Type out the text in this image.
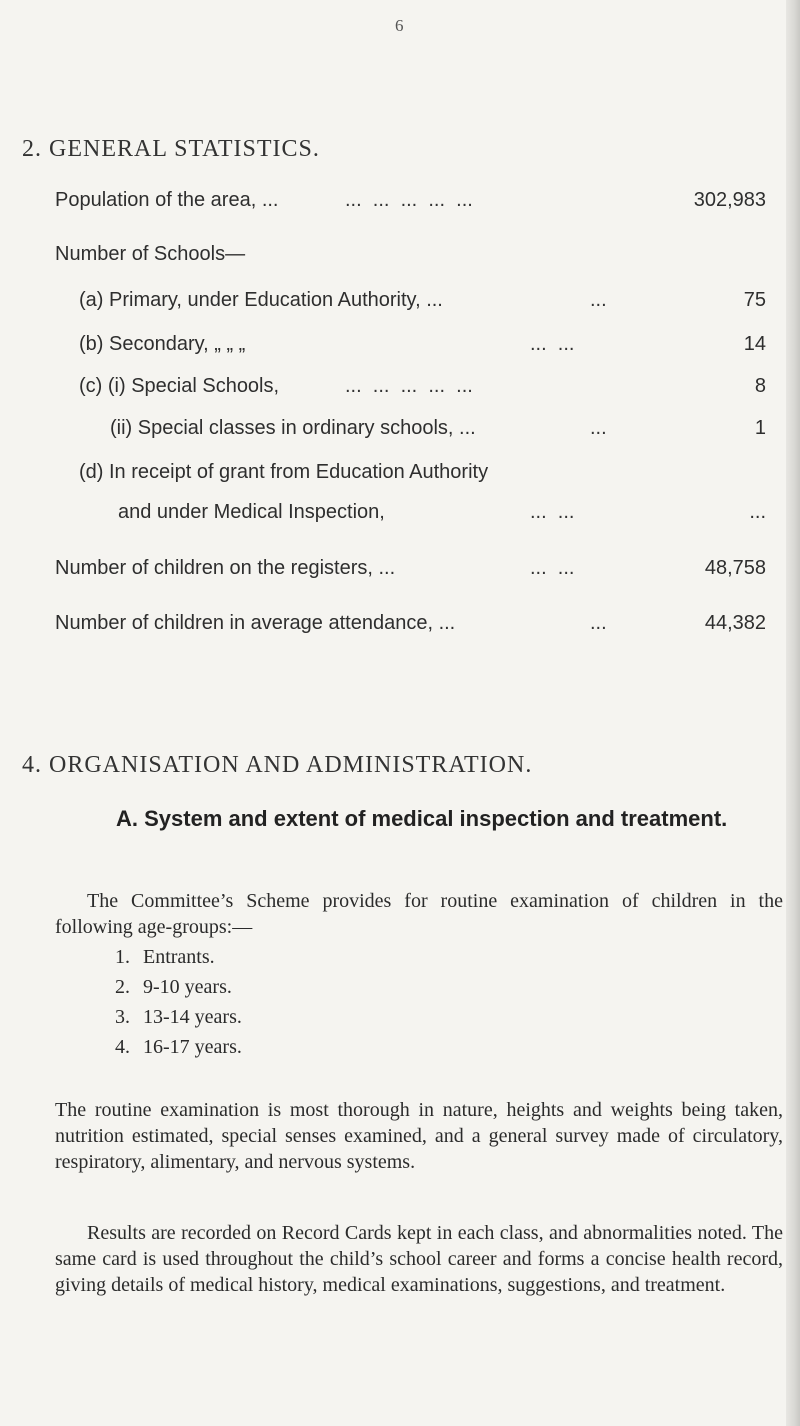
6
2. GENERAL STATISTICS.
Population of the area, ...	...  ...  ...  ...  ...	302,983
Number of Schools—
(a) Primary, under Education Authority, ...	...	75
(b) Secondary, „ „ „	...  ...	14
(c) (i) Special Schools,	...  ...  ...  ...  ...	8
(ii) Special classes in ordinary schools, ...	...	1
(d) In receipt of grant from Education Authority
and under Medical Inspection,	...  ...	...
Number of children on the registers, ...	...  ...	48,758
Number of children in average attendance, ...	...	44,382
4. ORGANISATION AND ADMINISTRATION.
A. System and extent of medical inspection and treatment.
The Committee’s Scheme provides for routine examination of children in the following age-groups:—
1. Entrants.
2. 9-10 years.
3. 13-14 years.
4. 16-17 years.
The routine examination is most thorough in nature, heights and weights being taken, nutrition estimated, special senses examined, and a general survey made of circulatory, respiratory, alimentary, and nervous systems.
Results are recorded on Record Cards kept in each class, and abnormalities noted. The same card is used throughout the child’s school career and forms a concise health record, giving details of medical history, medical examinations, suggestions, and treatment.
